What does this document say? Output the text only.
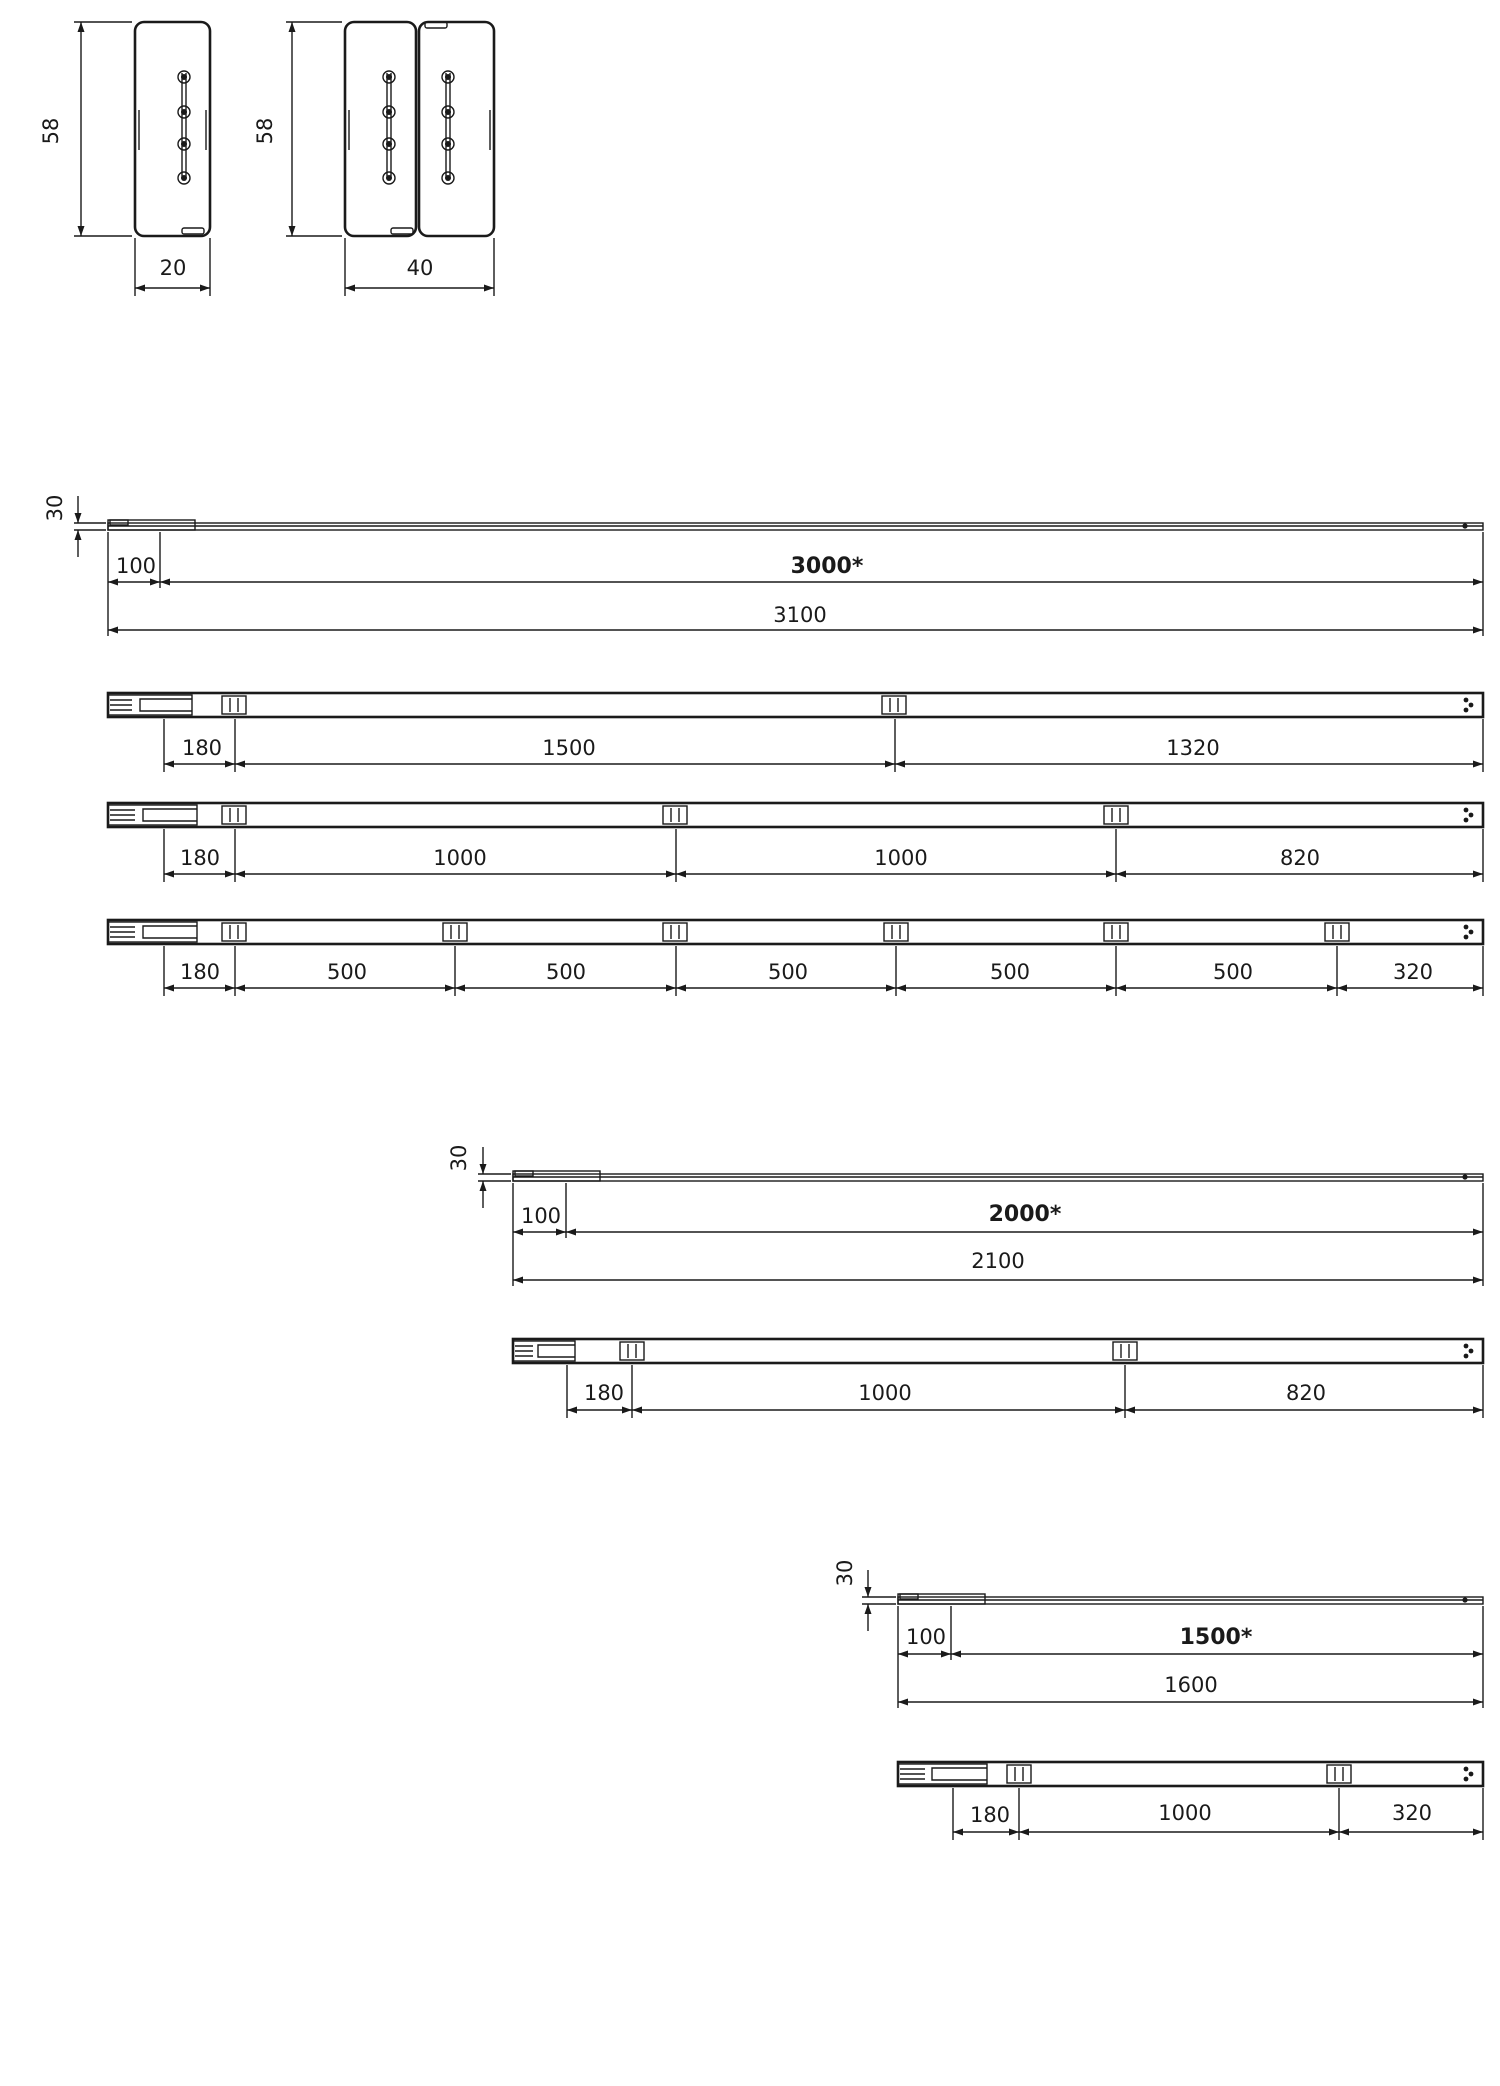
58
20
58
40
30
100	3000*
3100
180	1500	1320
180	1000	1000	820
180	500	500	500	500	500	320
30
100	2000*
2100
180	1000	820
30
100	1500*
1600
180	1000	320
